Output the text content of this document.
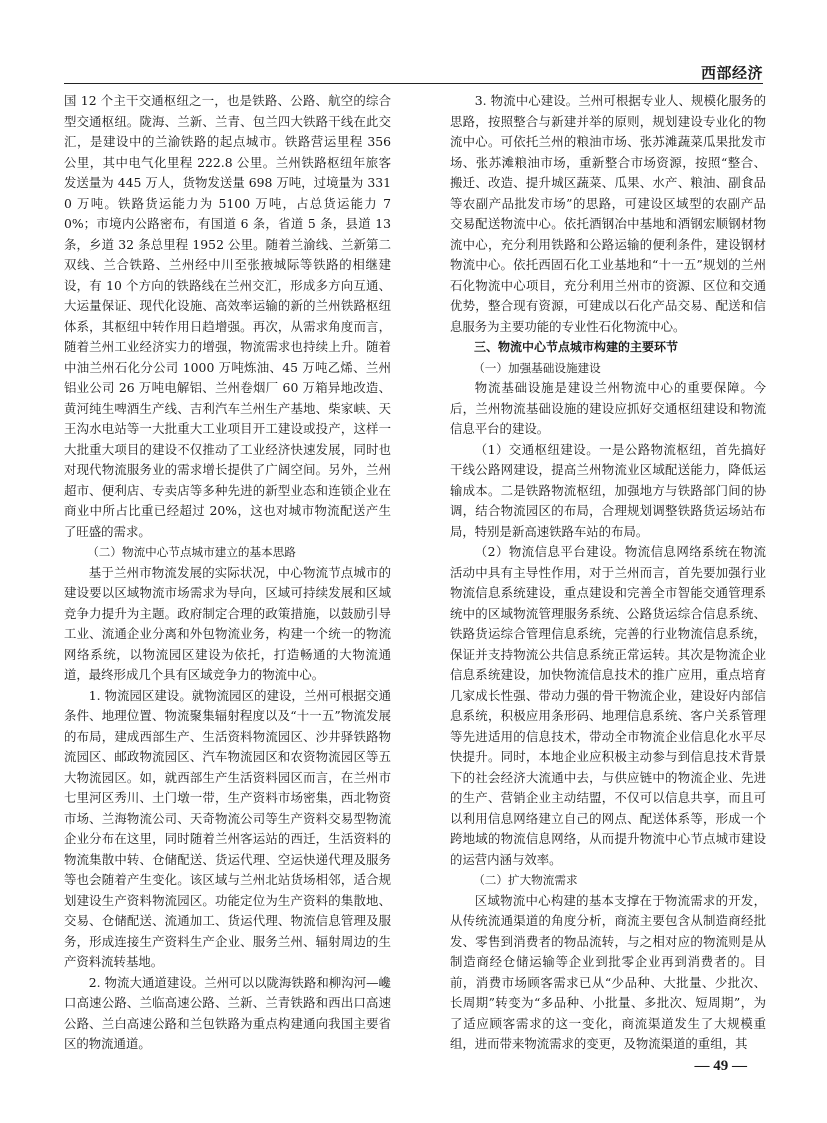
西部经济

国 12 个主干交通枢纽之一，也是铁路、公路、航空的综合型交通枢纽。陇海、兰新、兰青、包兰四大铁路干线在此交汇，是建设中的兰渝铁路的起点城市。铁路营运里程 356 公里，其中电气化里程 222.8 公里。兰州铁路枢纽年旅客发送量为 445 万人，货物发送量 698 万吨，过境量为 3310 万吨。铁路货运能力为 5100 万吨，占总货运能力 70%；市境内公路密布，有国道 6 条，省道 5 条，县道 13 条，乡道 32 条总里程 1952 公里。随着兰渝线、兰新第二双线、兰合铁路、兰州经中川至张掖城际等铁路的相继建设，有 10 个方向的铁路线在兰州交汇，形成多方向互通、大运量保证、现代化设施、高效率运输的新的兰州铁路枢纽体系，其枢纽中转作用日趋增强。再次，从需求角度而言，随着兰州工业经济实力的增强，物流需求也持续上升。随着中油兰州石化分公司 1000 万吨炼油、45 万吨乙烯、兰州铝业公司 26 万吨电解铝、兰州卷烟厂 60 万箱异地改造、黄河纯生啤酒生产线、吉利汽车兰州生产基地、柴家峡、天王沟水电站等一大批重大工业项目开工建设或投产，这样一大批重大项目的建设不仅推动了工业经济快速发展，同时也对现代物流服务业的需求增长提供了广阔空间。另外，兰州超市、便利店、专卖店等多种先进的新型业态和连锁企业在商业中所占比重已经超过 20%，这也对城市物流配送产生了旺盛的需求。

（二）物流中心节点城市建立的基本思路

基于兰州市物流发展的实际状况，中心物流节点城市的建设要以区域物流市场需求为导向，区域可持续发展和区域竞争力提升为主题。政府制定合理的政策措施，以鼓励引导工业、流通企业分离和外包物流业务，构建一个统一的物流网络系统，以物流园区建设为依托，打造畅通的大物流通道，最终形成几个具有区域竞争力的物流中心。

1. 物流园区建设。就物流园区的建设，兰州可根据交通条件、地理位置、物流聚集辐射程度以及“十一五”物流发展的布局，建成西部生产、生活资料物流园区、沙井驿铁路物流园区、邮政物流园区、汽车物流园区和农资物流园区等五大物流园区。如，就西部生产生活资料园区而言，在兰州市七里河区秀川、土门墩一带，生产资料市场密集，西北物资市场、兰海物流公司、天奇物流公司等生产资料交易型物流企业分布在这里，同时随着兰州客运站的西迁，生活资料的物流集散中转、仓储配送、货运代理、空运快递代理及服务等也会随着产生变化。该区域与兰州北站货场相邻，适合规划建设生产资料物流园区。功能定位为生产资料的集散地、交易、仓储配送、流通加工、货运代理、物流信息管理及服务，形成连接生产资料生产企业、服务兰州、辐射周边的生产资料流转基地。

2. 物流大通道建设。兰州可以以陇海铁路和柳沟河—巉口高速公路、兰临高速公路、兰新、兰青铁路和西出口高速公路、兰白高速公路和兰包铁路为重点构建通向我国主要省区的物流通道。

3. 物流中心建设。兰州可根据专业人、规模化服务的思路，按照整合与新建并举的原则，规划建设专业化的物流中心。可依托兰州的粮油市场、张苏滩蔬菜瓜果批发市场、张苏滩粮油市场，重新整合市场资源，按照“整合、搬迁、改造、提升城区蔬菜、瓜果、水产、粮油、副食品等农副产品批发市场”的思路，可建设区域型的农副产品交易配送物流中心。依托酒钢冶中基地和酒钢宏顺钢材物流中心，充分利用铁路和公路运输的便利条件，建设钢材物流中心。依托西固石化工业基地和“十一五”规划的兰州石化物流中心项目，充分利用兰州市的资源、区位和交通优势，整合现有资源，可建成以石化产品交易、配送和信息服务为主要功能的专业性石化物流中心。

三、物流中心节点城市构建的主要环节
（一）加强基础设施建设

物流基础设施是建设兰州物流中心的重要保障。今后，兰州物流基础设施的建设应抓好交通枢纽建设和物流信息平台的建设。

（1）交通枢纽建设。一是公路物流枢纽，首先搞好干线公路网建设，提高兰州物流业区域配送能力，降低运输成本。二是铁路物流枢纽，加强地方与铁路部门间的协调，结合物流园区的布局，合理规划调整铁路货运场站布局，特别是新高速铁路车站的布局。

（2）物流信息平台建设。物流信息网络系统在物流活动中具有主导性作用，对于兰州而言，首先要加强行业物流信息系统建设，重点建设和完善全市智能交通管理系统中的区域物流管理服务系统、公路货运综合信息系统、铁路货运综合管理信息系统，完善的行业物流信息系统，保证并支持物流公共信息系统正常运转。其次是物流企业信息系统建设，加快物流信息技术的推广应用，重点培育几家成长性强、带动力强的骨干物流企业，建设好内部信息系统，积极应用条形码、地理信息系统、客户关系管理等先进适用的信息技术，带动全市物流企业信息化水平尽快提升。同时，本地企业应积极主动参与到信息技术背景下的社会经济大流通中去，与供应链中的物流企业、先进的生产、营销企业主动结盟，不仅可以信息共享，而且可以利用信息网络建立自己的网点、配送体系等，形成一个跨地域的物流信息网络，从而提升物流中心节点城市建设的运营内涵与效率。

（二）扩大物流需求

区域物流中心构建的基本支撑在于物流需求的开发，从传统流通渠道的角度分析，商流主要包含从制造商经批发、零售到消费者的物品流转，与之相对应的物流则是从制造商经仓储运输等企业到批零企业再到消费者的。目前，消费市场顾客需求已从“少品种、大批量、少批次、长周期”转变为“多品种、小批量、多批次、短周期”，为了适应顾客需求的这一变化，商流渠道发生了大规模重组，进而带来物流需求的变更，及物流渠道的重组，其

— 49 —
